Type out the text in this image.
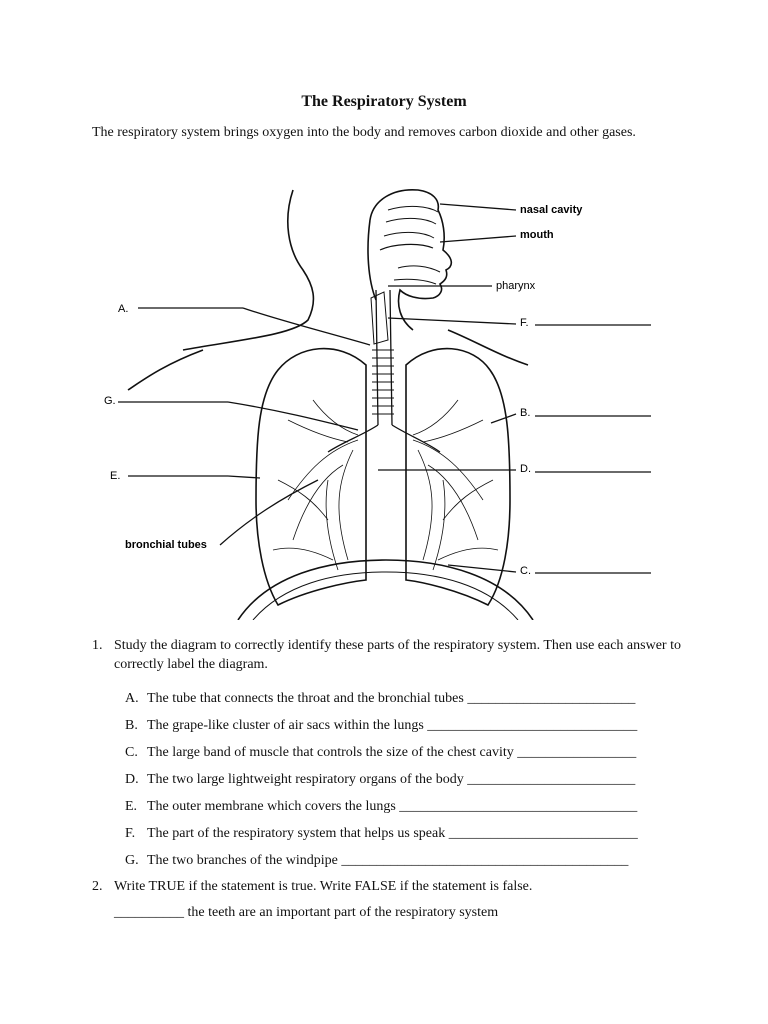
The Respiratory System
The respiratory system brings oxygen into the body and removes carbon dioxide and other gases.
nasal cavity
mouth
pharynx
F.
B.
D.
C.
A.
G.
E.
bronchial tubes
1. Study the diagram to correctly identify these parts of the respiratory system. Then use each answer to correctly label the diagram.
A. The tube that connects the throat and the bronchial tubes ________________________
B. The grape-like cluster of air sacs within the lungs ______________________________
C. The large band of muscle that controls the size of the chest cavity _________________
D. The two large lightweight respiratory organs of the body ________________________
E. The outer membrane which covers the lungs __________________________________
F. The part of the respiratory system that helps us speak ___________________________
G. The two branches of the windpipe _________________________________________
2. Write TRUE if the statement is true. Write FALSE if the statement is false.
__________ the teeth are an important part of the respiratory system
